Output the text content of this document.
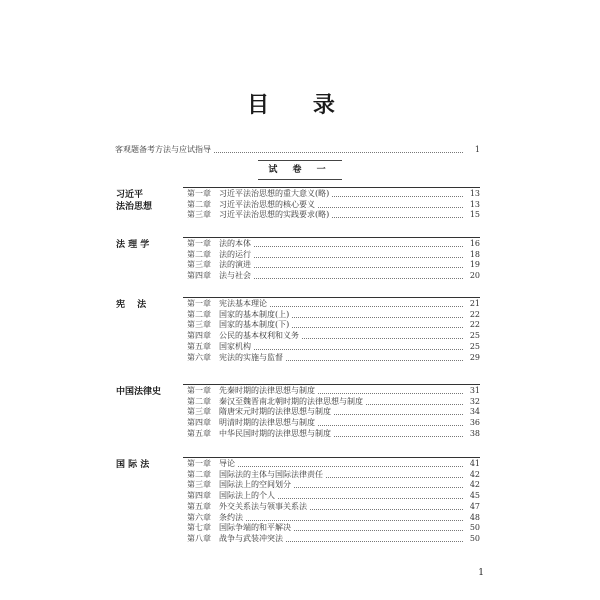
目 录
客观题备考方法与应试指导	1
试 卷 一
习近平
法治思想
第一章	习近平法治思想的重大意义(略)	13
第二章	习近平法治思想的核心要义	13
第三章	习近平法治思想的实践要求(略)	15
法 理 学	第一章	法的本体	16
第二章	法的运行	18
第三章	法的演进	19
第四章	法与社会	20
宪　 法	第一章	宪法基本理论	21
第二章	国家的基本制度(上)	22
第三章	国家的基本制度(下)	22
第四章	公民的基本权利和义务	25
第五章	国家机构	25
第六章	宪法的实施与监督	29
中国法律史	第一章	先秦时期的法律思想与制度	31
第二章	秦汉至魏晋南北朝时期的法律思想与制度	32
第三章	隋唐宋元时期的法律思想与制度	34
第四章	明清时期的法律思想与制度	36
第五章	中华民国时期的法律思想与制度	38
国 际 法	第一章	导论	41
第二章	国际法的主体与国际法律责任	42
第三章	国际法上的空间划分	42
第四章	国际法上的个人	45
第五章	外交关系法与领事关系法	47
第六章	条约法	48
第七章	国际争端的和平解决	50
第八章	战争与武装冲突法	50
1
